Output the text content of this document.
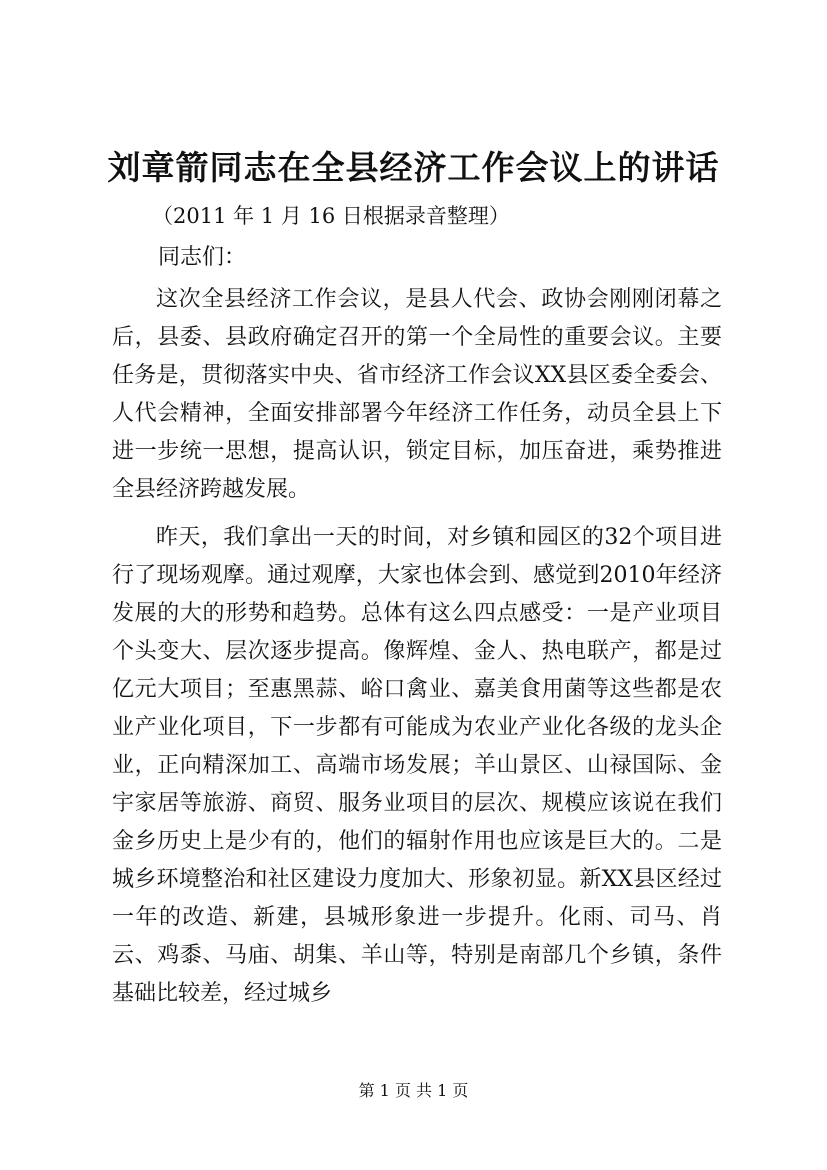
刘章箭同志在全县经济工作会议上的讲话

（2011 年 1 月 16 日根据录音整理）

同志们：

这次全县经济工作会议，是县人代会、政协会刚刚闭幕之后，县委、县政府确定召开的第一个全局性的重要会议。主要任务是，贯彻落实中央、省市经济工作会议XX县区委全委会、人代会精神，全面安排部署今年经济工作任务，动员全县上下进一步统一思想，提高认识，锁定目标，加压奋进，乘势推进全县经济跨越发展。

昨天，我们拿出一天的时间，对乡镇和园区的32个项目进行了现场观摩。通过观摩，大家也体会到、感觉到2010年经济发展的大的形势和趋势。总体有这么四点感受：一是产业项目个头变大、层次逐步提高。像辉煌、金人、热电联产，都是过亿元大项目；至惠黑蒜、峪口禽业、嘉美食用菌等这些都是农业产业化项目，下一步都有可能成为农业产业化各级的龙头企业，正向精深加工、高端市场发展；羊山景区、山禄国际、金宇家居等旅游、商贸、服务业项目的层次、规模应该说在我们金乡历史上是少有的，他们的辐射作用也应该是巨大的。二是城乡环境整治和社区建设力度加大、形象初显。新XX县区经过一年的改造、新建，县城形象进一步提升。化雨、司马、肖云、鸡黍、马庙、胡集、羊山等，特别是南部几个乡镇，条件基础比较差，经过城乡

第 1 页 共 1 页
